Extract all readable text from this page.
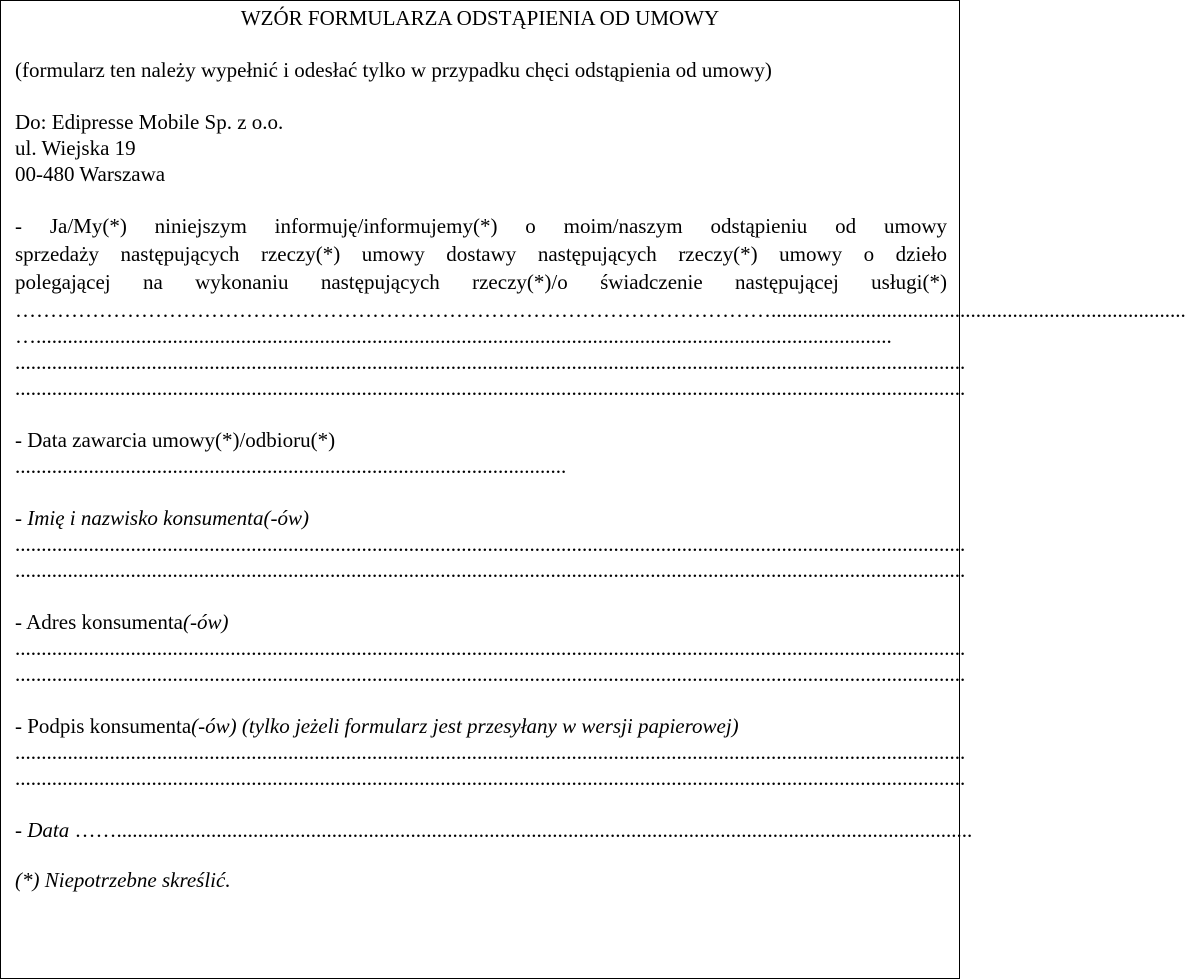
WZÓR FORMULARZA ODSTĄPIENIA OD UMOWY
(formularz ten należy wypełnić i odesłać tylko w przypadku chęci odstąpienia od umowy)
Do: Edipresse Mobile Sp. z o.o.
ul. Wiejska 19
00-480 Warszawa
- Ja/My(*) niniejszym informuję/informujemy(*) o moim/naszym odstąpieniu od umowy
sprzedaży następujących rzeczy(*) umowy dostawy następujących rzeczy(*) umowy o dzieło
polegającej na wykonaniu następujących rzeczy(*)/o świadczenie następującej usługi(*)
………………………………………………………………………………………………...............................................................................
…...................................................................................................................................................................
.....................................................................................................................................................................................
.....................................................................................................................................................................................
- Data zawarcia umowy(*)/odbioru(*)
.........................................................................................................
- Imię i nazwisko konsumenta(-ów)
.....................................................................................................................................................................................
.....................................................................................................................................................................................
- Adres konsumenta(-ów)
.....................................................................................................................................................................................
.....................................................................................................................................................................................
- Podpis konsumenta(-ów) (tylko jeżeli formularz jest przesyłany w wersji papierowej)
.....................................................................................................................................................................................
.....................................................................................................................................................................................
- Data ……...................................................................................................................................................................
(*) Niepotrzebne skreślić.
